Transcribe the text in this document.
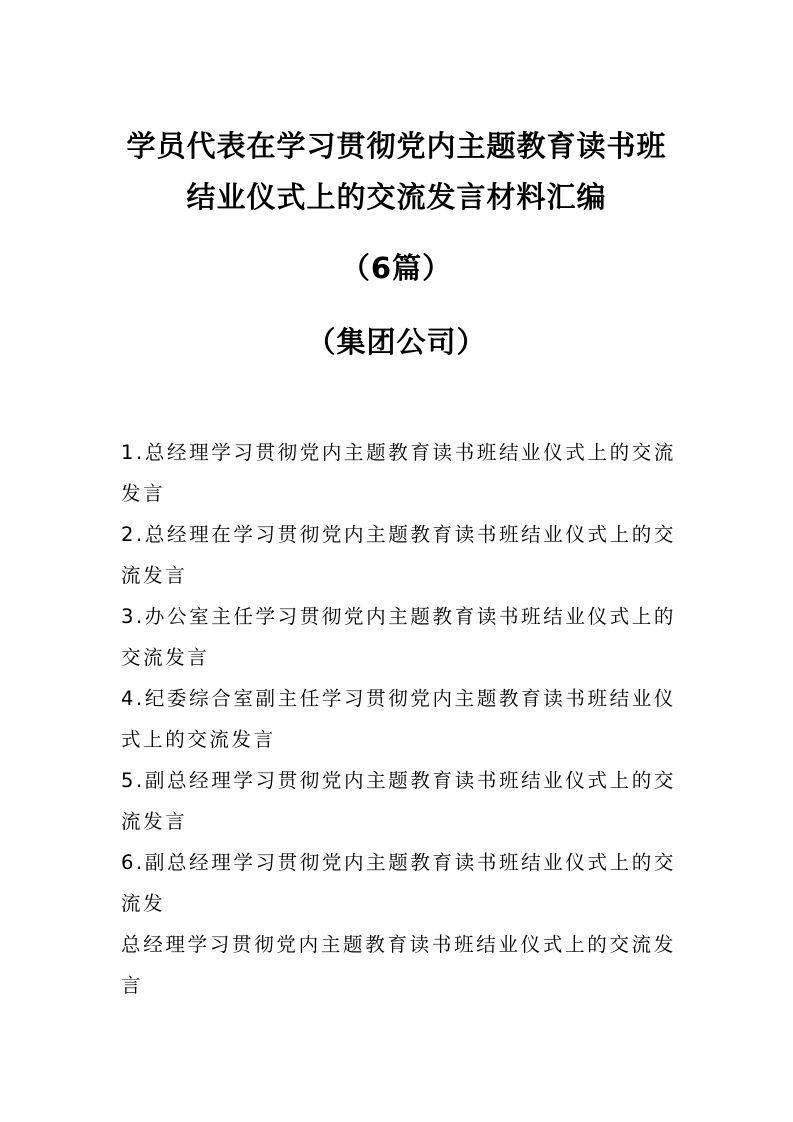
学员代表在学习贯彻党内主题教育读书班
结业仪式上的交流发言材料汇编
（6篇）
（集团公司）
1.总经理学习贯彻党内主题教育读书班结业仪式上的交流发言
2.总经理在学习贯彻党内主题教育读书班结业仪式上的交流发言
3.办公室主任学习贯彻党内主题教育读书班结业仪式上的交流发言
4.纪委综合室副主任学习贯彻党内主题教育读书班结业仪式上的交流发言
5.副总经理学习贯彻党内主题教育读书班结业仪式上的交流发言
6.副总经理学习贯彻党内主题教育读书班结业仪式上的交流发
总经理学习贯彻党内主题教育读书班结业仪式上的交流发言
